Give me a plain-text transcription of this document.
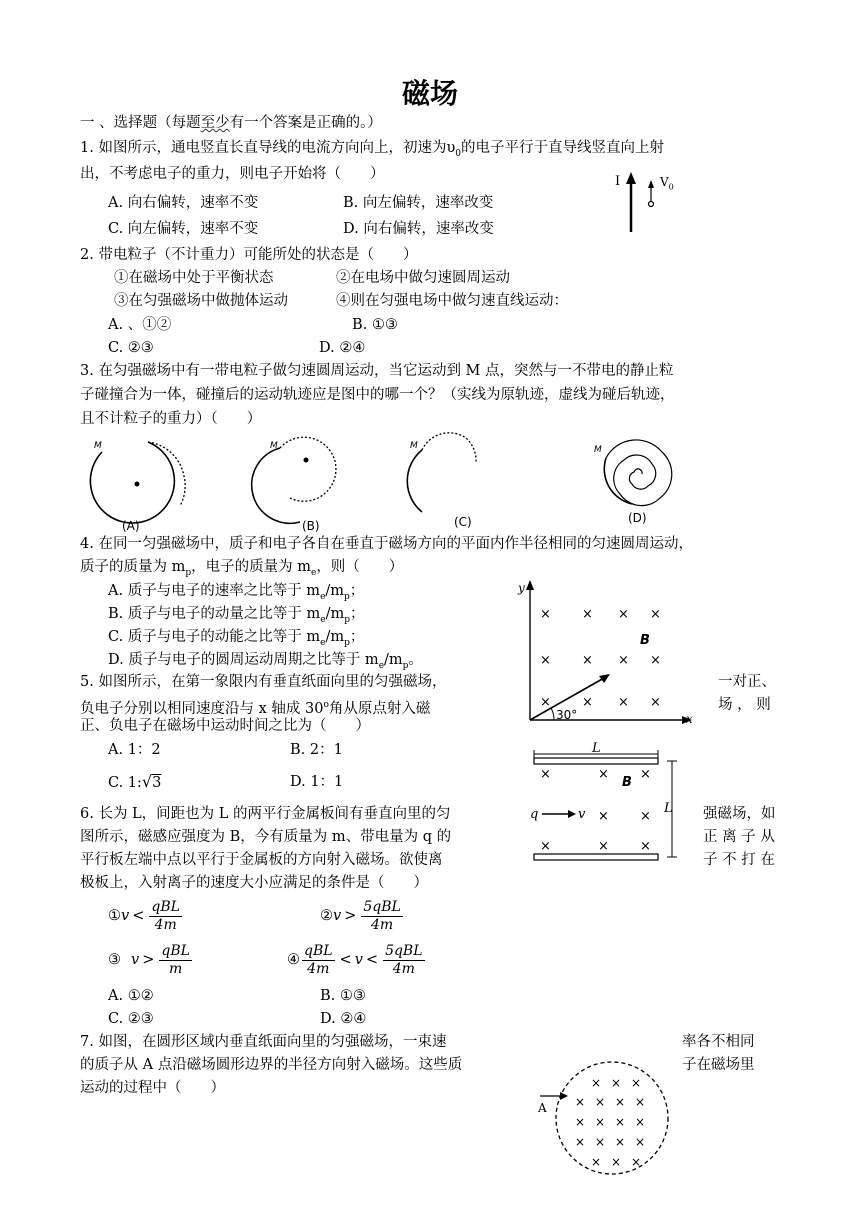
磁场
一 、选择题（每题至少有一个答案是正确的。）
1. 如图所示，通电竖直长直导线的电流方向向上，初速为$\upsilon_0$的电子平行于直导线竖直向上射
出，不考虑电子的重力，则电子开始将（　　）
A. 向右偏转，速率不变	B. 向左偏转，速率改变
C. 向左偏转，速率不变	D. 向右偏转，速率改变
I	$V_0$
2. 带电粒子（不计重力）可能所处的状态是（　　）
①在磁场中处于平衡状态	②在电场中做匀速圆周运动
③在匀强磁场中做抛体运动	④则在匀强电场中做匀速直线运动：
A. 、①②	B. ①③
C. ②③	D. ②④
3. 在匀强磁场中有一带电粒子做匀速圆周运动，当它运动到 M 点，突然与一不带电的静止粒
子碰撞合为一体，碰撞后的运动轨迹应是图中的哪一个？（实线为原轨迹，虚线为碰后轨迹，
且不计粒子的重力）（　　）
M
(A)
M
(B)
M
(C)
M
(D)
4. 在同一匀强磁场中，质子和电子各自在垂直于磁场方向的平面内作半径相同的匀速圆周运动，
质子的质量为 $m_p$，电子的质量为 $m_e$，则（　　）
A. 质子与电子的速率之比等于 $m_e/m_p$；
B. 质子与电子的动量之比等于 $m_e/m_p$；
C. 质子与电子的动能之比等于 $m_e/m_p$；
D. 质子与电子的圆周运动周期之比等于 $m_e/m_p$。
5. 如图所示，在第一象限内有垂直纸面向里的匀强磁场，	一对正、
负电子分别以相同速度沿与 x 轴成 30$^o$角从原点射入磁	场 ， 则
正、负电子在磁场中运动时间之比为（　　）
A. 1：2	B. 2：1
C. 1:√3	D. 1：1
y
x
× × × ×
× × × ×
× × × ×
30°
B
6. 长为 L，间距也为 L 的两平行金属板间有垂直向里的匀	强磁场，如
图所示，磁感应强度为 B，今有质量为 m、带电量为 q 的	正 离 子 从
平行板左端中点以平行于金属板的方向射入磁场。欲使离	子 不 打 在
极板上，入射离子的速度大小应满足的条件是（　　）
① $v < \frac{\text{qBL}}{4m}$	② $v > \frac{\text{5qBL}}{4m}$
③ $v > \frac{\text{qBL}}{m}$	④ $\frac{\text{qBL}}{4m} < v < \frac{\text{5qBL}}{4m}$
A. ①②	B. ①③
C. ②③	D. ②④
L
L
×	× ×
× ×
×	× ×
B
q	v
7. 如图，在圆形区域内垂直纸面向里的匀强磁场，一束速	率各不相同
的质子从 A 点沿磁场圆形边界的半径方向射入磁场。这些质	子在磁场里
运动的过程中（　　）	× × ×
× × × ×
× × × ×
× × × ×
× × ×
A
